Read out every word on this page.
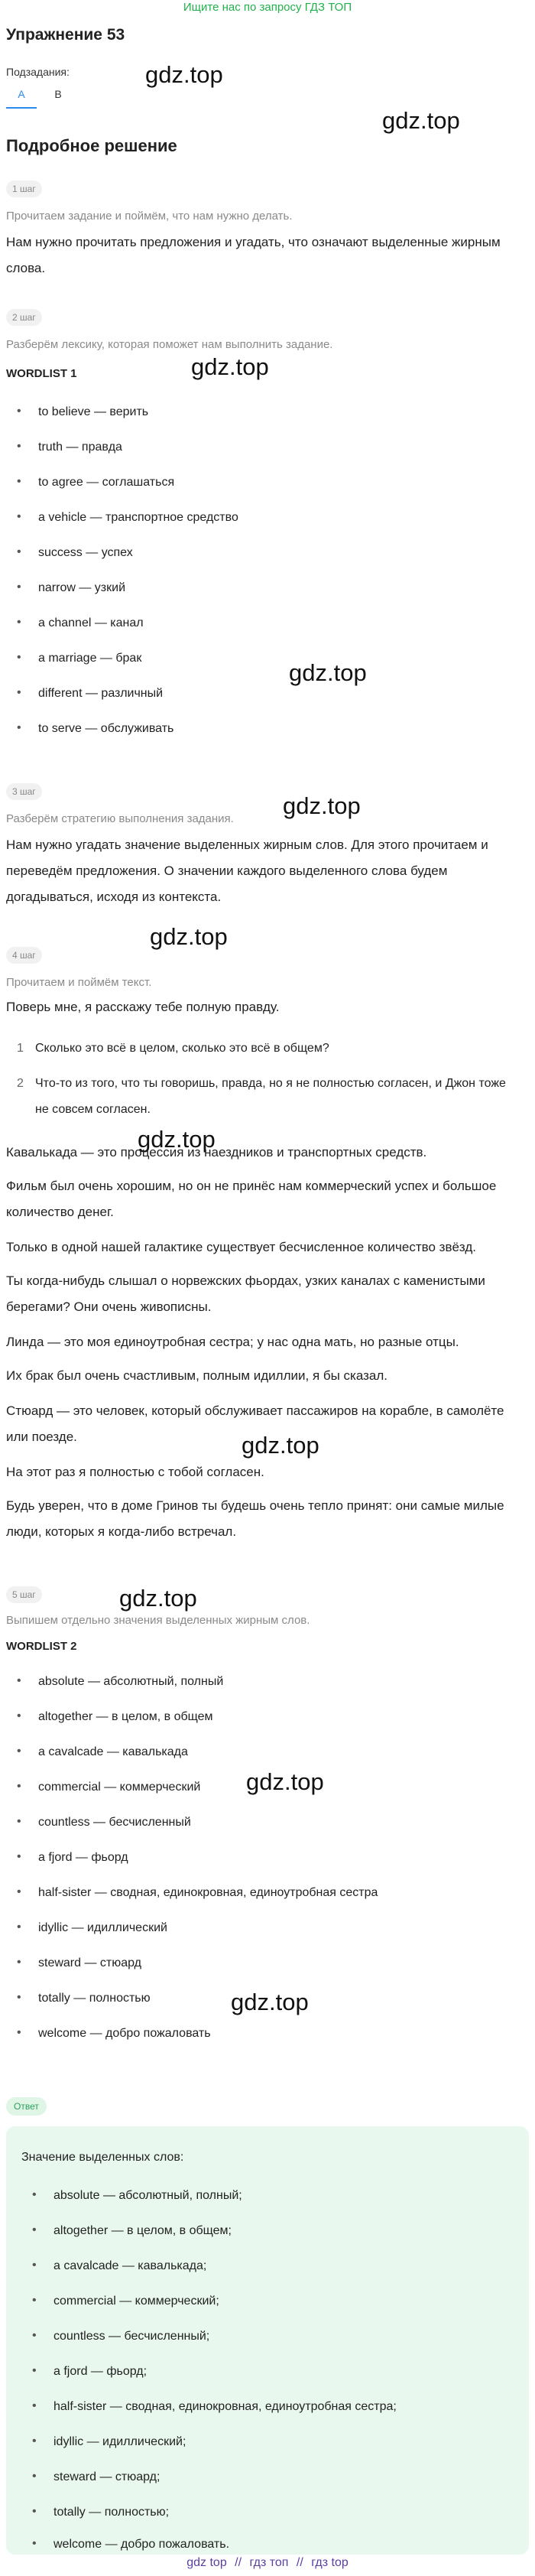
Ищите нас по запросу ГДЗ ТОП
Упражнение 53
Подзадания:
A	B
gdz.top
gdz.top
gdz.top
gdz.top
gdz.top
gdz.top
gdz.top
gdz.top
gdz.top
gdz.top
gdz.top
Подробное решение
1 шаг
Прочитаем задание и поймём, что нам нужно делать.
Нам нужно прочитать предложения и угадать, что означают выделенные жирным слова.
2 шаг
Разберём лексику, которая поможет нам выполнить задание.
WORDLIST 1
• to believe — верить
• truth — правда
• to agree — соглашаться
• a vehicle — транспортное средство
• success — успех
• narrow — узкий
• a channel — канал
• a marriage — брак
• different — различный
• to serve — обслуживать
3 шаг
Разберём стратегию выполнения задания.
Нам нужно угадать значение выделенных жирным слов. Для этого прочитаем и переведём предложения. О значении каждого выделенного слова будем догадываться, исходя из контекста.
4 шаг
Прочитаем и поймём текст.
Поверь мне, я расскажу тебе полную правду.
1 Сколько это всё в целом, сколько это всё в общем?
2 Что-то из того, что ты говоришь, правда, но я не полностью согласен, и Джон тоже не совсем согласен.
Кавалькада — это процессия из наездников и транспортных средств.
Фильм был очень хорошим, но он не принёс нам коммерческий успех и большое количество денег.
Только в одной нашей галактике существует бесчисленное количество звёзд.
Ты когда-нибудь слышал о норвежских фьордах, узких каналах с каменистыми берегами? Они очень живописны.
Линда — это моя единоутробная сестра; у нас одна мать, но разные отцы.
Их брак был очень счастливым, полным идиллии, я бы сказал.
Стюард — это человек, который обслуживает пассажиров на корабле, в самолёте или поезде.
На этот раз я полностью с тобой согласен.
Будь уверен, что в доме Гринов ты будешь очень тепло принят: они самые милые люди, которых я когда-либо встречал.
5 шаг
Выпишем отдельно значения выделенных жирным слов.
WORDLIST 2
• absolute — абсолютный, полный
• altogether — в целом, в общем
• a cavalcade — кавалькада
• commercial — коммерческий
• countless — бесчисленный
• a fjord — фьорд
• half-sister — сводная, единокровная, единоутробная сестра
• idyllic — идиллический
• steward — стюард
• totally — полностью
• welcome — добро пожаловать
Ответ
Значение выделенных слов:
• absolute — абсолютный, полный;
• altogether — в целом, в общем;
• a cavalcade — кавалькада;
• commercial — коммерческий;
• countless — бесчисленный;
• a fjord — фьорд;
• half-sister — сводная, единокровная, единоутробная сестра;
• idyllic — идиллический;
• steward — стюард;
• totally — полностью;
• welcome — добро пожаловать.
gdz top // гдз топ // гдз top
